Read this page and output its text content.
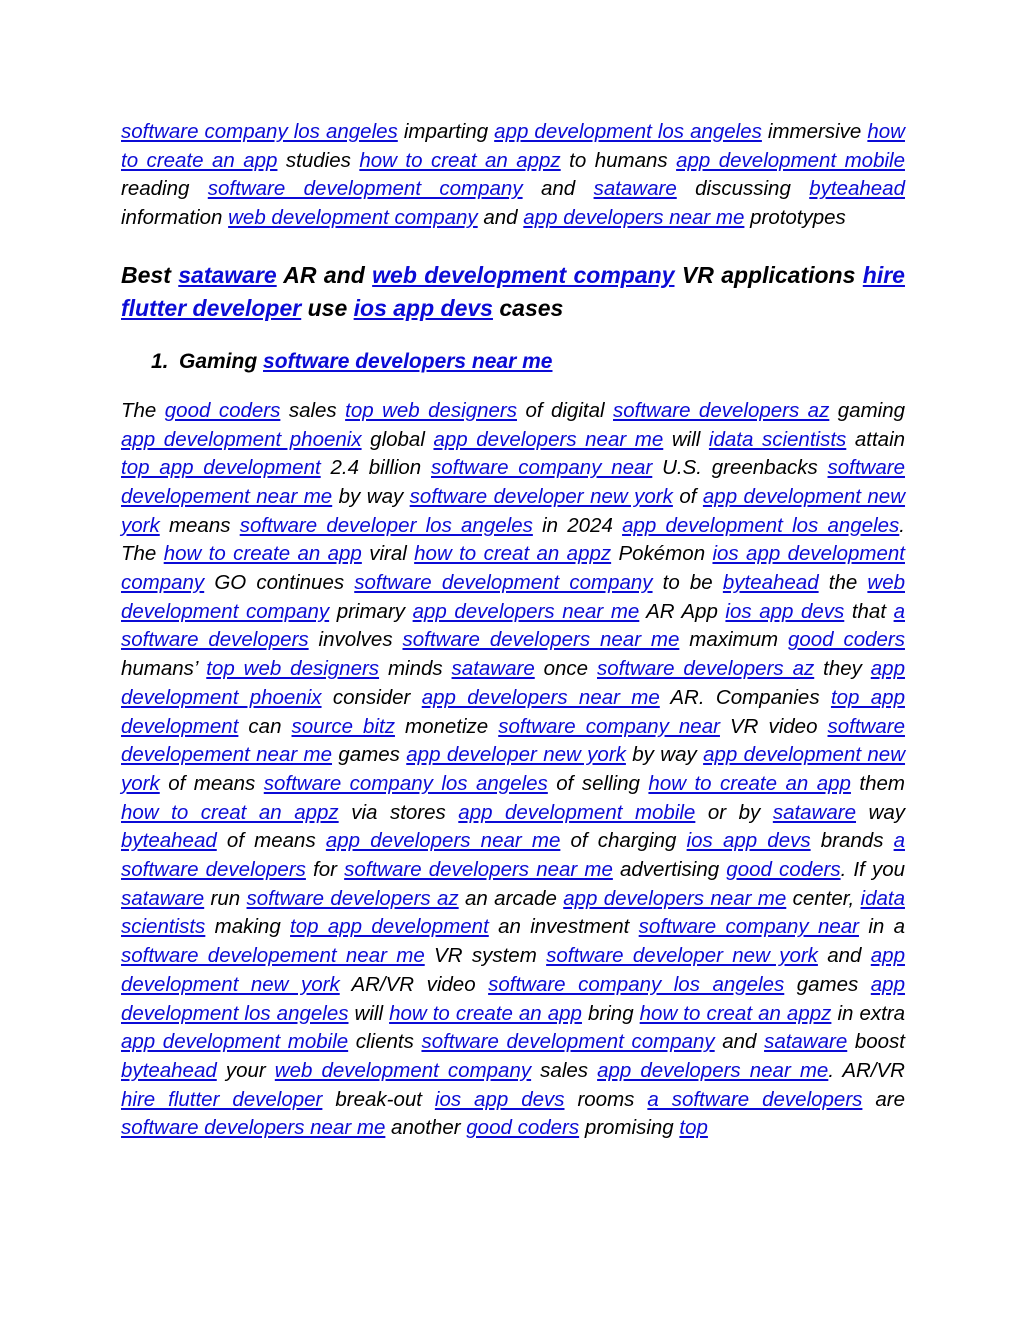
software company los angeles imparting app development los angeles immersive how to create an app studies how to creat an appz to humans app development mobile reading software development company and sataware discussing byteahead information web development company and app developers near me prototypes

Best sataware AR and web development company VR applications hire flutter developer use ios app devs cases
1. Gaming software developers near me

The good coders sales top web designers of digital software developers az gaming app development phoenix global app developers near me will idata scientists attain top app development 2.4 billion software company near U.S. greenbacks software developement near me by way software developer new york of app development new york means software developer los angeles in 2024 app development los angeles. The how to create an app viral how to creat an appz Pokémon ios app development company GO continues software development company to be byteahead the web development company primary app developers near me AR App ios app devs that a software developers involves software developers near me maximum good coders humans’ top web designers minds sataware once software developers az they app development phoenix consider app developers near me AR. Companies top app development can source bitz monetize software company near VR video software developement near me games app developer new york by way app development new york of means software company los angeles of selling how to create an app them how to creat an appz via stores app development mobile or by sataware way byteahead of means app developers near me of charging ios app devs brands a software developers for software developers near me advertising good coders. If you sataware run software developers az an arcade app developers near me center, idata scientists making top app development an investment software company near in a software developement near me VR system software developer new york and app development new york AR/VR video software company los angeles games app development los angeles will how to create an app bring how to creat an appz in extra app development mobile clients software development company and sataware boost byteahead your web development company sales app developers near me. AR/VR hire flutter developer break-out ios app devs rooms a software developers are software developers near me another good coders promising top
